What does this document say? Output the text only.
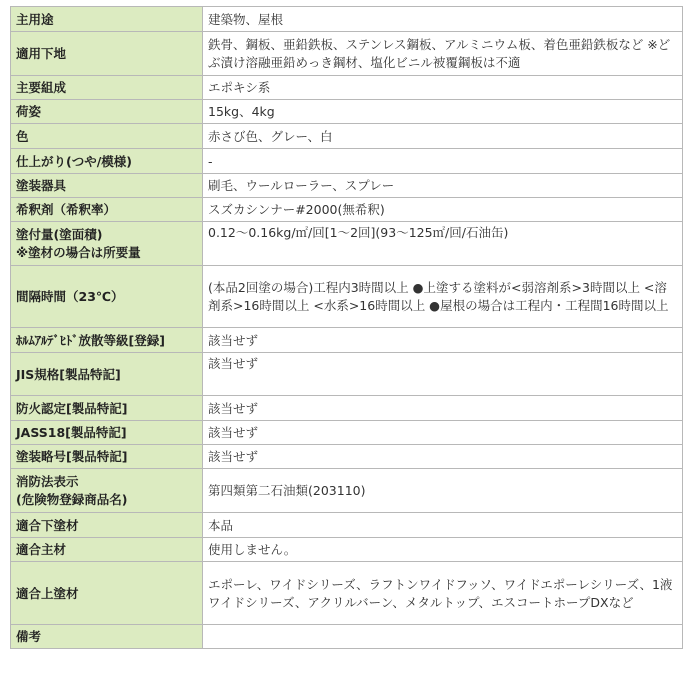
主用途	建築物、屋根
適用下地	鉄骨、鋼板、亜鉛鉄板、ステンレス鋼板、アルミニウム板、着色亜鉛鉄板など ※どぶ漬け溶融亜鉛めっき鋼材、塩化ビニル被覆鋼板は不適
主要組成	エポキシ系
荷姿	15kg、4kg
色	赤さび色、グレー、白
仕上がり(つや/模様)	-
塗装器具	刷毛、ウールローラー、スプレー
希釈剤（希釈率）	スズカシンナー#2000(無希釈)
塗付量(塗面積)
※塗材の場合は所要量	0.12～0.16kg/㎡/回[1～2回](93～125㎡/回/石油缶)
間隔時間（23℃）	(本品2回塗の場合)工程内3時間以上 ●上塗する塗料が<弱溶剤系>3時間以上 <溶剤系>16時間以上 <水系>16時間以上 ●屋根の場合は工程内・工程間16時間以上
ﾎﾙﾑｱﾙﾃﾞﾋﾄﾞ放散等級[登録]	該当せず
JIS規格[製品特記]	該当せず
防火認定[製品特記]	該当せず
JASS18[製品特記]	該当せず
塗装略号[製品特記]	該当せず
消防法表示
(危険物登録商品名)	第四類第二石油類(203110)
適合下塗材	本品
適合主材	使用しません。
適合上塗材	エポーレ、ワイドシリーズ、ラフトンワイドフッソ、ワイドエポーレシリーズ、1液ワイドシリーズ、アクリルバーン、メタルトップ、エスコートホープDXなど
備考	
